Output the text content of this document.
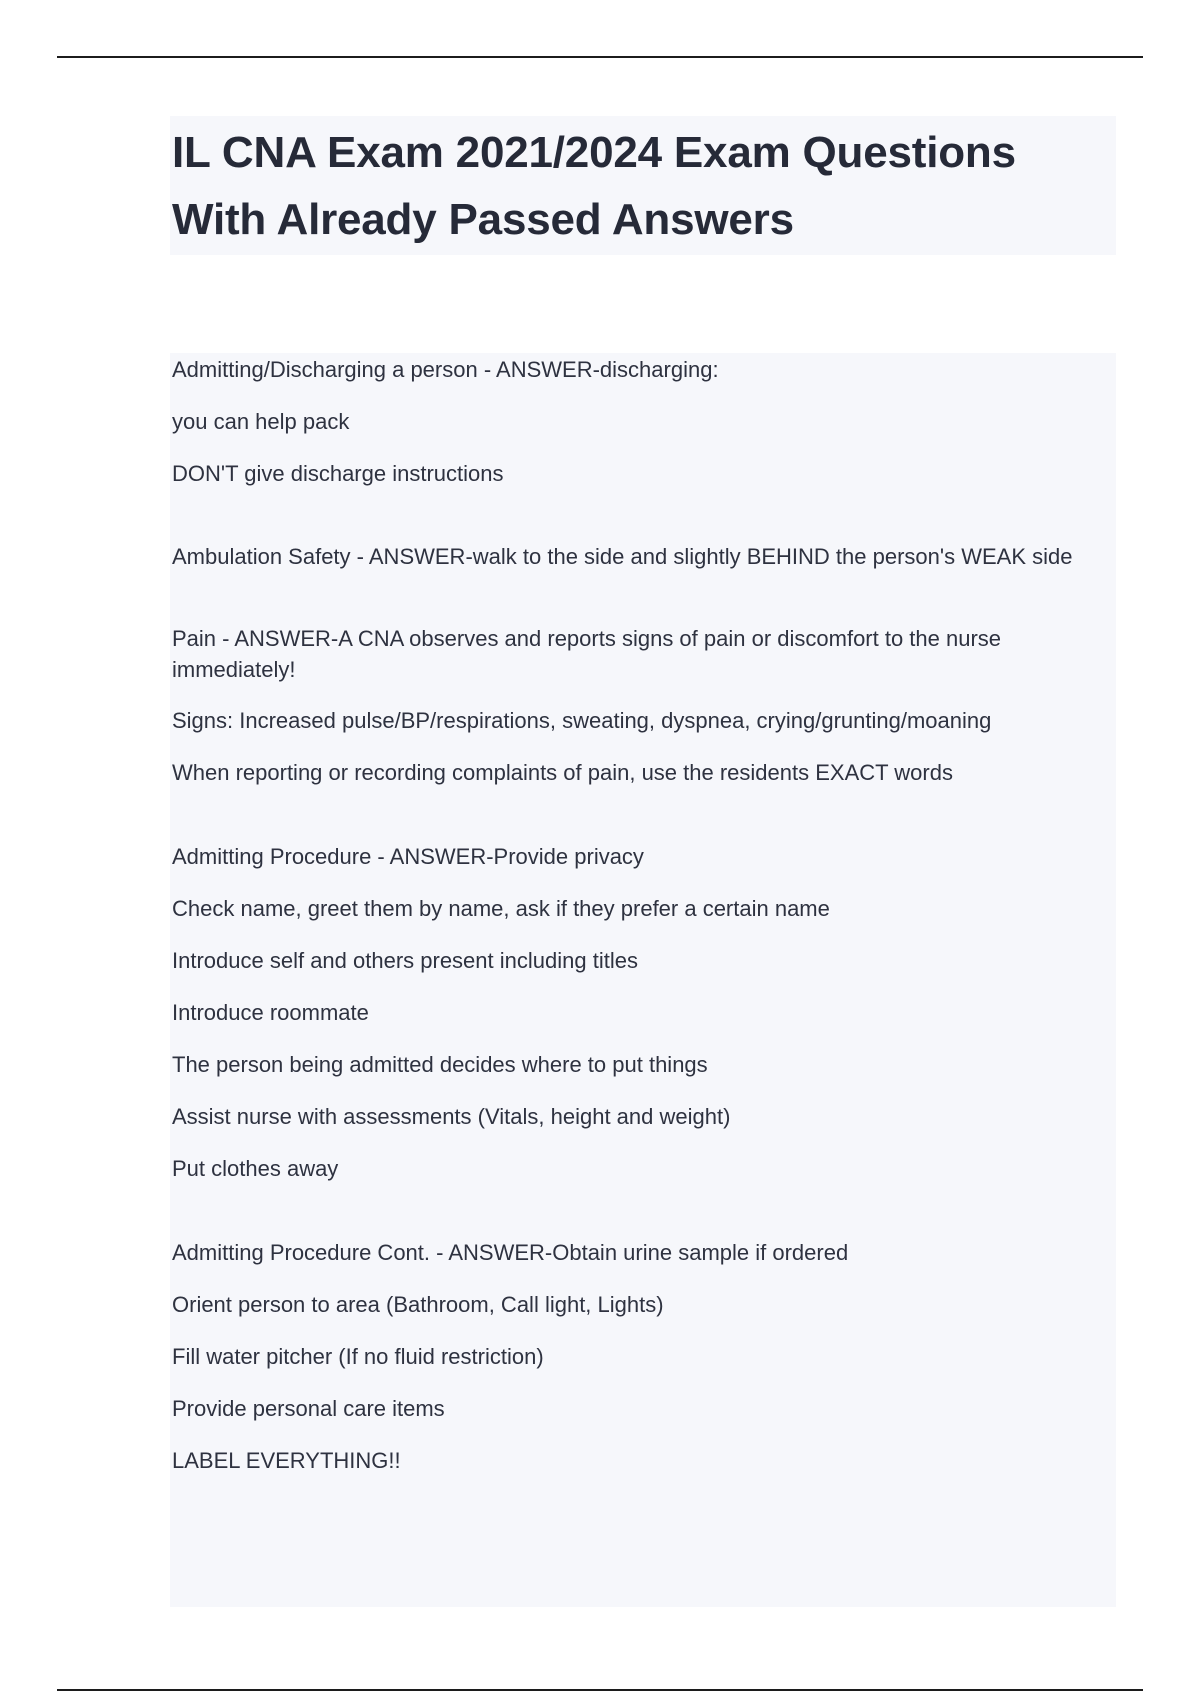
IL CNA Exam 2021/2024 Exam Questions With Already Passed Answers

Admitting/Discharging a person - ANSWER-discharging:

you can help pack

DON'T give discharge instructions

Ambulation Safety - ANSWER-walk to the side and slightly BEHIND the person's WEAK side

Pain - ANSWER-A CNA observes and reports signs of pain or discomfort to the nurse immediately!

Signs: Increased pulse/BP/respirations, sweating, dyspnea, crying/grunting/moaning

When reporting or recording complaints of pain, use the residents EXACT words

Admitting Procedure - ANSWER-Provide privacy

Check name, greet them by name, ask if they prefer a certain name

Introduce self and others present including titles

Introduce roommate

The person being admitted decides where to put things

Assist nurse with assessments (Vitals, height and weight)

Put clothes away

Admitting Procedure Cont. - ANSWER-Obtain urine sample if ordered

Orient person to area (Bathroom, Call light, Lights)

Fill water pitcher (If no fluid restriction)

Provide personal care items

LABEL EVERYTHING!!
